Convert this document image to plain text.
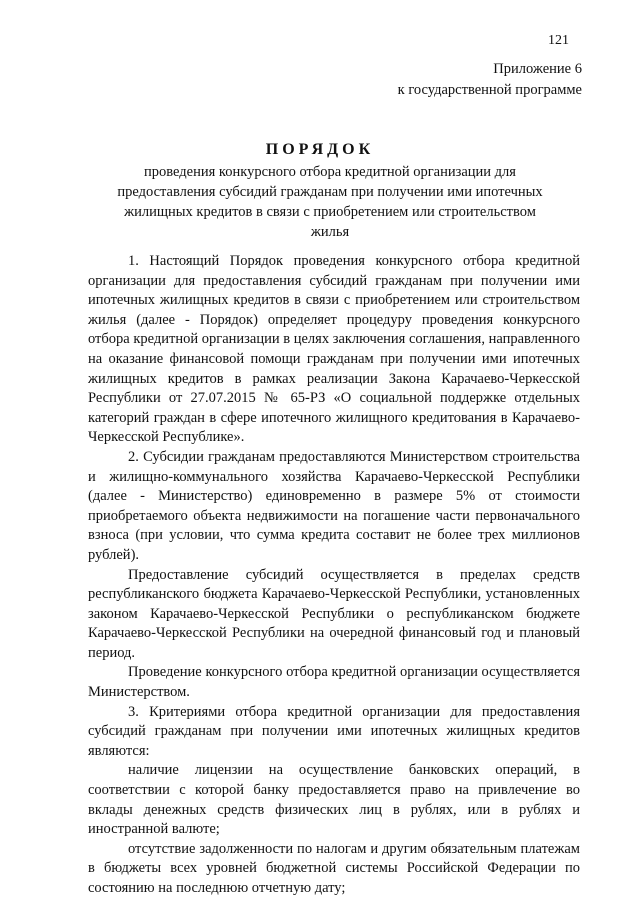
121
Приложение 6
к государственной программе
ПОРЯДОК
проведения конкурсного отбора кредитной организации для предоставления субсидий гражданам при получении ими ипотечных жилищных кредитов в связи с приобретением или строительством жилья

1. Настоящий Порядок проведения конкурсного отбора кредитной организации для предоставления субсидий гражданам при получении ими ипотечных жилищных кредитов в связи с приобретением или строительством жилья (далее - Порядок) определяет процедуру проведения конкурсного отбора кредитной организации в целях заключения соглашения, направленного на оказание финансовой помощи гражданам при получении ими ипотечных жилищных кредитов в рамках реализации Закона Карачаево-Черкесской Республики от 27.07.2015 № 65-РЗ «О социальной поддержке отдельных категорий граждан в сфере ипотечного жилищного кредитования в Карачаево-Черкесской Республике».

2. Субсидии гражданам предоставляются Министерством строительства и жилищно-коммунального хозяйства Карачаево-Черкесской Республики (далее - Министерство) единовременно в размере 5% от стоимости приобретаемого объекта недвижимости на погашение части первоначального взноса (при условии, что сумма кредита составит не более трех миллионов рублей).

Предоставление субсидий осуществляется в пределах средств республиканского бюджета Карачаево-Черкесской Республики, установленных законом Карачаево-Черкесской Республики о республиканском бюджете Карачаево-Черкесской Республики на очередной финансовый год и плановый период.

Проведение конкурсного отбора кредитной организации осуществляется Министерством.

3. Критериями отбора кредитной организации для предоставления субсидий гражданам при получении ими ипотечных жилищных кредитов являются:

наличие лицензии на осуществление банковских операций, в соответствии с которой банку предоставляется право на привлечение во вклады денежных средств физических лиц в рублях, или в рублях и иностранной валюте;

отсутствие задолженности по налогам и другим обязательным платежам в бюджеты всех уровней бюджетной системы Российской Федерации по состоянию на последнюю отчетную дату;
